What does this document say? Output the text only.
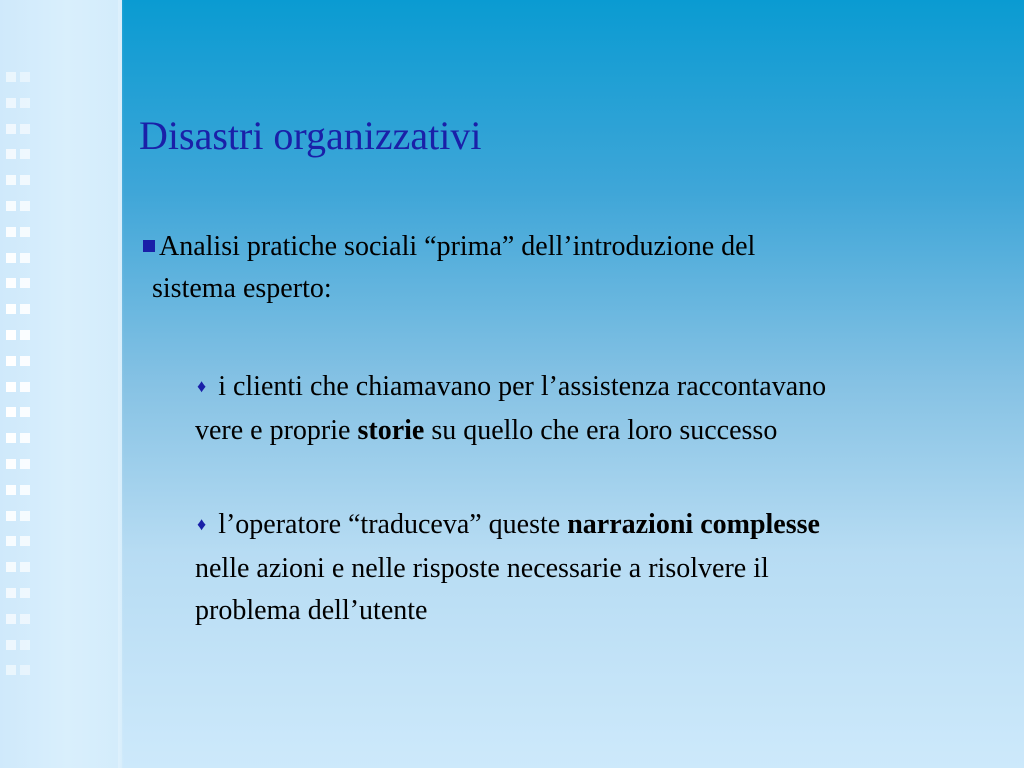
Disastri organizzativi
Analisi pratiche sociali “prima” dell’introduzione del
sistema esperto:
♦ i clienti che chiamavano per l’assistenza raccontavano
vere e proprie storie su quello che era loro successo
♦ l’operatore “traduceva” queste narrazioni complesse
nelle azioni e nelle risposte necessarie a risolvere il
problema dell’utente
